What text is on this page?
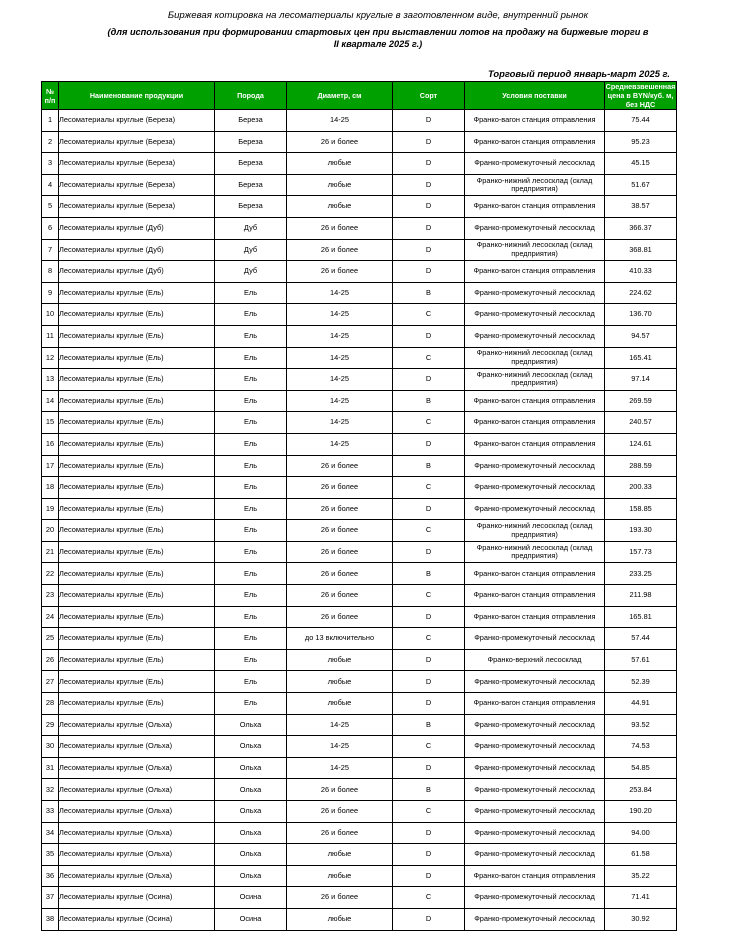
Биржевая котировка на лесоматериалы круглые в заготовленном виде, внутренний рынок
(для использования при формировании стартовых цен при выставлении лотов на продажу на биржевые торги в
II квартале 2025 г.)
Торговый период январь-март 2025 г.
№ п/п	Наименование продукции	Порода	Диаметр, см	Сорт	Условия поставки	Средневзвешенная цена в BYN/куб. м, без НДС
1	Лесоматериалы круглые (Береза)	Береза	14-25	D	Франко-вагон станция отправления	75.44
2	Лесоматериалы круглые (Береза)	Береза	26 и более	D	Франко-вагон станция отправления	95.23
3	Лесоматериалы круглые (Береза)	Береза	любые	D	Франко-промежуточный лесосклад	45.15
4	Лесоматериалы круглые (Береза)	Береза	любые	D	Франко-нижний лесосклад (склад предприятия)	51.67
5	Лесоматериалы круглые (Береза)	Береза	любые	D	Франко-вагон станция отправления	38.57
6	Лесоматериалы круглые (Дуб)	Дуб	26 и более	D	Франко-промежуточный лесосклад	366.37
7	Лесоматериалы круглые (Дуб)	Дуб	26 и более	D	Франко-нижний лесосклад (склад предприятия)	368.81
8	Лесоматериалы круглые (Дуб)	Дуб	26 и более	D	Франко-вагон станция отправления	410.33
9	Лесоматериалы круглые (Ель)	Ель	14-25	B	Франко-промежуточный лесосклад	224.62
10	Лесоматериалы круглые (Ель)	Ель	14-25	C	Франко-промежуточный лесосклад	136.70
11	Лесоматериалы круглые (Ель)	Ель	14-25	D	Франко-промежуточный лесосклад	94.57
12	Лесоматериалы круглые (Ель)	Ель	14-25	C	Франко-нижний лесосклад (склад предприятия)	165.41
13	Лесоматериалы круглые (Ель)	Ель	14-25	D	Франко-нижний лесосклад (склад предприятия)	97.14
14	Лесоматериалы круглые (Ель)	Ель	14-25	B	Франко-вагон станция отправления	269.59
15	Лесоматериалы круглые (Ель)	Ель	14-25	C	Франко-вагон станция отправления	240.57
16	Лесоматериалы круглые (Ель)	Ель	14-25	D	Франко-вагон станция отправления	124.61
17	Лесоматериалы круглые (Ель)	Ель	26 и более	B	Франко-промежуточный лесосклад	288.59
18	Лесоматериалы круглые (Ель)	Ель	26 и более	C	Франко-промежуточный лесосклад	200.33
19	Лесоматериалы круглые (Ель)	Ель	26 и более	D	Франко-промежуточный лесосклад	158.85
20	Лесоматериалы круглые (Ель)	Ель	26 и более	C	Франко-нижний лесосклад (склад предприятия)	193.30
21	Лесоматериалы круглые (Ель)	Ель	26 и более	D	Франко-нижний лесосклад (склад предприятия)	157.73
22	Лесоматериалы круглые (Ель)	Ель	26 и более	B	Франко-вагон станция отправления	233.25
23	Лесоматериалы круглые (Ель)	Ель	26 и более	C	Франко-вагон станция отправления	211.98
24	Лесоматериалы круглые (Ель)	Ель	26 и более	D	Франко-вагон станция отправления	165.81
25	Лесоматериалы круглые (Ель)	Ель	до 13 включительно	C	Франко-промежуточный лесосклад	57.44
26	Лесоматериалы круглые (Ель)	Ель	любые	D	Франко-верхний лесосклад	57.61
27	Лесоматериалы круглые (Ель)	Ель	любые	D	Франко-промежуточный лесосклад	52.39
28	Лесоматериалы круглые (Ель)	Ель	любые	D	Франко-вагон станция отправления	44.91
29	Лесоматериалы круглые (Ольха)	Ольха	14-25	B	Франко-промежуточный лесосклад	93.52
30	Лесоматериалы круглые (Ольха)	Ольха	14-25	C	Франко-промежуточный лесосклад	74.53
31	Лесоматериалы круглые (Ольха)	Ольха	14-25	D	Франко-промежуточный лесосклад	54.85
32	Лесоматериалы круглые (Ольха)	Ольха	26 и более	B	Франко-промежуточный лесосклад	253.84
33	Лесоматериалы круглые (Ольха)	Ольха	26 и более	C	Франко-промежуточный лесосклад	190.20
34	Лесоматериалы круглые (Ольха)	Ольха	26 и более	D	Франко-промежуточный лесосклад	94.00
35	Лесоматериалы круглые (Ольха)	Ольха	любые	D	Франко-промежуточный лесосклад	61.58
36	Лесоматериалы круглые (Ольха)	Ольха	любые	D	Франко-вагон станция отправления	35.22
37	Лесоматериалы круглые (Осина)	Осина	26 и более	C	Франко-промежуточный лесосклад	71.41
38	Лесоматериалы круглые (Осина)	Осина	любые	D	Франко-промежуточный лесосклад	30.92
